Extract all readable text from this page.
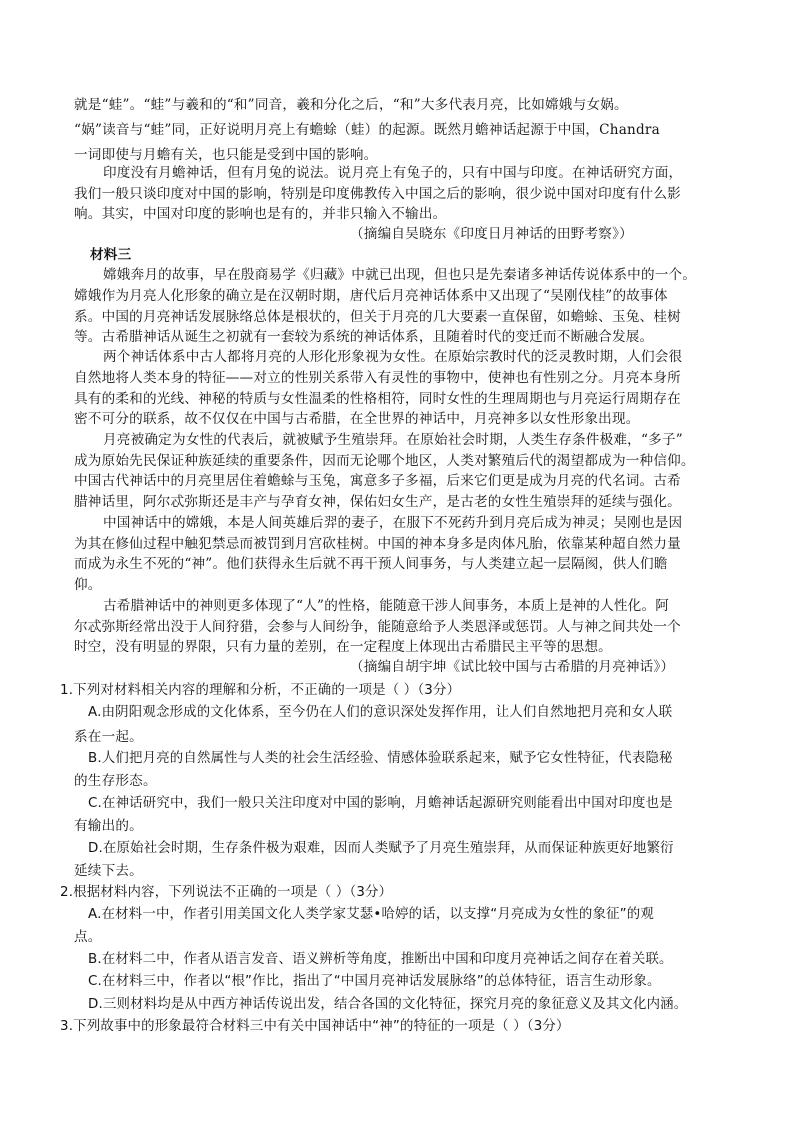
就是“蛙”。“蛙”与羲和的“和”同音，羲和分化之后，“和”大多代表月亮，比如嫦娥与女娲。

“娲”读音与“蛙”同，正好说明月亮上有蟾蜍（蛙）的起源。既然月蟾神话起源于中国，Chandra

一词即使与月蟾有关，也只能是受到中国的影响。

印度没有月蟾神话，但有月兔的说法。说月亮上有兔子的，只有中国与印度。在神话研究方面，

我们一般只谈印度对中国的影响，特别是印度佛教传入中国之后的影响，很少说中国对印度有什么影

响。其实，中国对印度的影响也是有的，并非只输入不输出。

（摘编自吴晓东《印度日月神话的田野考察》）

材料三

嫦娥奔月的故事，早在殷商易学《归藏》中就已出现，但也只是先秦诸多神话传说体系中的一个。

嫦娥作为月亮人化形象的确立是在汉朝时期，唐代后月亮神话体系中又出现了“吴刚伐桂”的故事体

系。中国的月亮神话发展脉络总体是根状的，但关于月亮的几大要素一直保留，如蟾蜍、玉兔、桂树

等。古希腊神话从诞生之初就有一套较为系统的神话体系，且随着时代的变迁而不断融合发展。

两个神话体系中古人都将月亮的人形化形象视为女性。在原始宗教时代的泛灵教时期，人们会很

自然地将人类本身的特征——对立的性别关系带入有灵性的事物中，使神也有性别之分。月亮本身所

具有的柔和的光线、神秘的特质与女性温柔的性格相符，同时女性的生理周期也与月亮运行周期存在

密不可分的联系，故不仅仅在中国与古希腊，在全世界的神话中，月亮神多以女性形象出现。

月亮被确定为女性的代表后，就被赋予生殖崇拜。在原始社会时期，人类生存条件极难，“多子”

成为原始先民保证种族延续的重要条件，因而无论哪个地区，人类对繁殖后代的渴望都成为一种信仰。

中国古代神话中的月亮里居住着蟾蜍与玉兔，寓意多子多福，后来它们更是成为月亮的代名词。古希

腊神话里，阿尔忒弥斯还是丰产与孕育女神，保佑妇女生产，是古老的女性生殖崇拜的延续与强化。

中国神话中的嫦娥，本是人间英雄后羿的妻子，在服下不死药升到月亮后成为神灵；吴刚也是因

为其在修仙过程中触犯禁忌而被罚到月宫砍桂树。中国的神本身多是肉体凡胎，依靠某种超自然力量

而成为永生不死的“神”。他们获得永生后就不再干预人间事务，与人类建立起一层隔阂，供人们瞻

仰。

古希腊神话中的神则更多体现了“人”的性格，能随意干涉人间事务，本质上是神的人性化。阿

尔忒弥斯经常出没于人间狩猎，会参与人间纷争，能随意给予人类恩泽或惩罚。人与神之间共处一个

时空，没有明显的界限，只有力量的差别，在一定程度上体现出古希腊民主平等的思想。

（摘编自胡宇坤《试比较中国与古希腊的月亮神话》）

1.下列对材料相关内容的理解和分析，不正确的一项是（ ）（3分）

A.由阴阳观念形成的文化体系，至今仍在人们的意识深处发挥作用，让人们自然地把月亮和女人联

系在一起。

B.人们把月亮的自然属性与人类的社会生活经验、情感体验联系起来，赋予它女性特征，代表隐秘

的生存形态。

C.在神话研究中，我们一般只关注印度对中国的影响，月蟾神话起源研究则能看出中国对印度也是

有输出的。

D.在原始社会时期，生存条件极为艰难，因而人类赋予了月亮生殖崇拜，从而保证种族更好地繁衍

延续下去。

2.根据材料内容，下列说法不正确的一项是（ ）（3分）

A.在材料一中，作者引用美国文化人类学家艾瑟•哈婷的话，以支撑“月亮成为女性的象征”的观

点。

B.在材料二中，作者从语言发音、语义辨析等角度，推断出中国和印度月亮神话之间存在着关联。

C.在材料三中，作者以“根”作比，指出了“中国月亮神话发展脉络”的总体特征，语言生动形象。

D.三则材料均是从中西方神话传说出发，结合各国的文化特征，探究月亮的象征意义及其文化内涵。

3.下列故事中的形象最符合材料三中有关中国神话中“神”的特征的一项是（ ）（3分）
